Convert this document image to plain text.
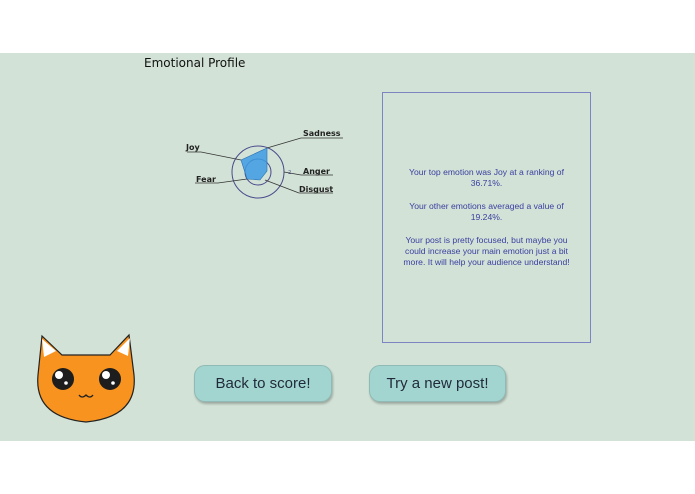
Emotional Profile
Joy
Sadness
Anger
Disgust
Fear
2	Your top emotion was Joy at a ranking of 36.71%.

Your other emotions averaged a value of 19.24%.

Your post is pretty focused, but maybe you could increase your main emotion just a bit more. It will help your audience understand!

Back to score!	Try a new post!
